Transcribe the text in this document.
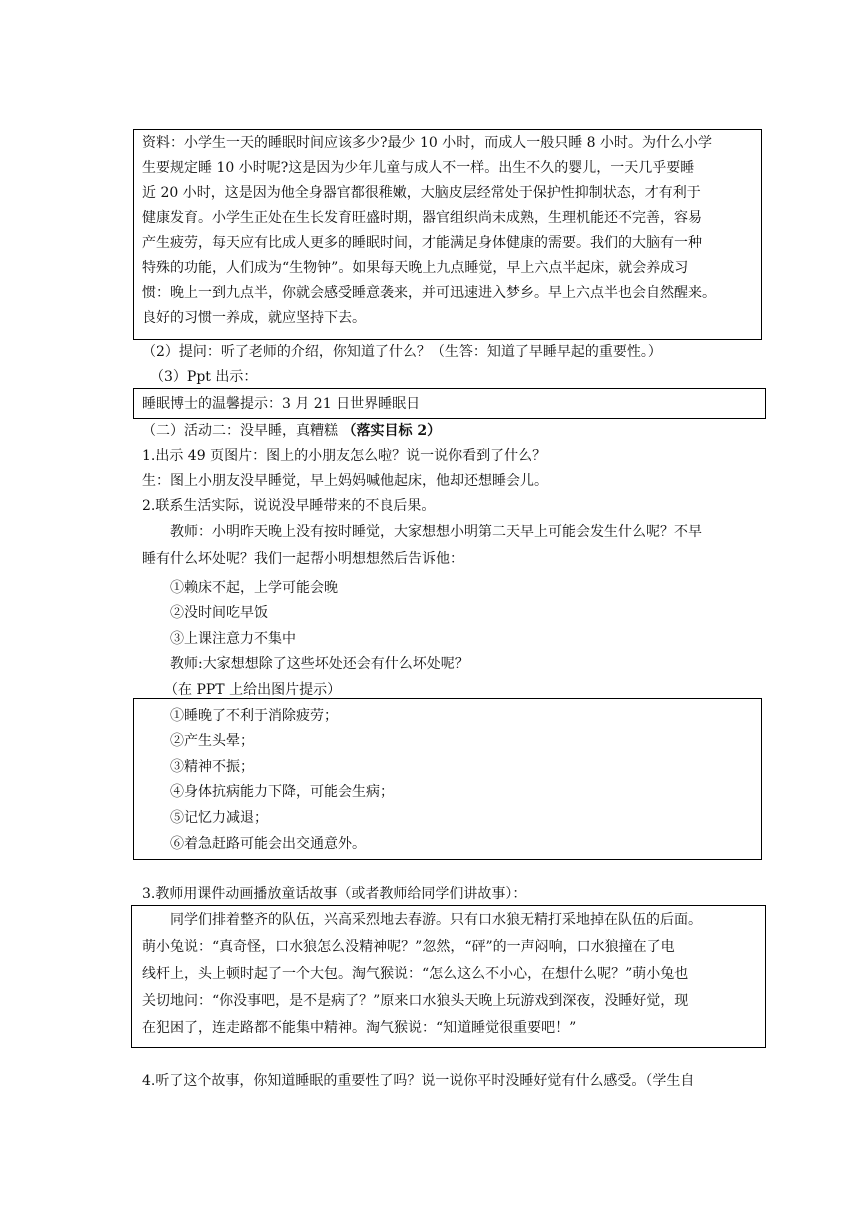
资料：小学生一天的睡眠时间应该多少?最少 10 小时，而成人一般只睡 8 小时。为什么小学
生要规定睡 10 小时呢?这是因为少年儿童与成人不一样。出生不久的婴儿，一天几乎要睡
近 20 小时，这是因为他全身器官都很稚嫩，大脑皮层经常处于保护性抑制状态，才有利于
健康发育。小学生正处在生长发育旺盛时期，器官组织尚未成熟，生理机能还不完善，容易
产生疲劳，每天应有比成人更多的睡眠时间，才能满足身体健康的需要。我们的大脑有一种
特殊的功能，人们成为“生物钟”。如果每天晚上九点睡觉，早上六点半起床，就会养成习
惯：晚上一到九点半，你就会感受睡意袭来，并可迅速进入梦乡。早上六点半也会自然醒来。
良好的习惯一养成，就应坚持下去。
（2）提问：听了老师的介绍，你知道了什么？（生答：知道了早睡早起的重要性。）
（3）Ppt 出示：
睡眠博士的温馨提示：3 月 21 日世界睡眠日
（二）活动二：没早睡，真糟糕 （落实目标 2）
1.出示 49 页图片：图上的小朋友怎么啦？说一说你看到了什么？
生：图上小朋友没早睡觉，早上妈妈喊他起床，他却还想睡会儿。
2.联系生活实际，说说没早睡带来的不良后果。
教师：小明昨天晚上没有按时睡觉，大家想想小明第二天早上可能会发生什么呢？不早
睡有什么坏处呢？我们一起帮小明想想然后告诉他：
①赖床不起，上学可能会晚
②没时间吃早饭
③上课注意力不集中
教师:大家想想除了这些坏处还会有什么坏处呢？
（在 PPT 上给出图片提示）
①睡晚了不利于消除疲劳；
②产生头晕；
③精神不振；
④身体抗病能力下降，可能会生病；
⑤记忆力减退；
⑥着急赶路可能会出交通意外。
3.教师用课件动画播放童话故事（或者教师给同学们讲故事）：
同学们排着整齐的队伍，兴高采烈地去春游。只有口水狼无精打采地掉在队伍的后面。
萌小兔说：“真奇怪，口水狼怎么没精神呢？”忽然，“砰”的一声闷响，口水狼撞在了电
线杆上，头上顿时起了一个大包。淘气猴说：“怎么这么不小心，在想什么呢？”萌小兔也
关切地问：“你没事吧，是不是病了？”原来口水狼头天晚上玩游戏到深夜，没睡好觉，现
在犯困了，连走路都不能集中精神。淘气猴说：“知道睡觉很重要吧！”
4.听了这个故事，你知道睡眠的重要性了吗？说一说你平时没睡好觉有什么感受。（学生自
